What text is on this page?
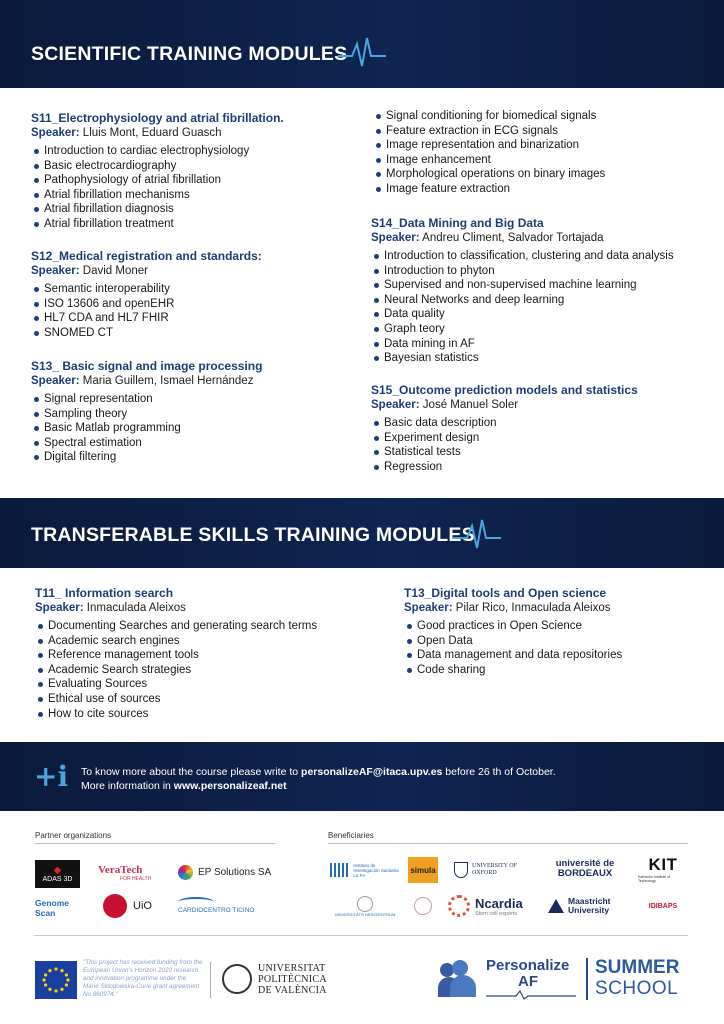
SCIENTIFIC TRAINING MODULES
S11_Electrophysiology and atrial fibrillation.
Speaker: Lluis Mont, Eduard Guasch
Introduction to cardiac electrophysiology
Basic electrocardiography
Pathophysiology of atrial fibrillation
Atrial fibrillation mechanisms
Atrial fibrillation diagnosis
Atrial fibrillation treatment
S12_Medical registration and standards:
Speaker: David Moner
Semantic interoperability
ISO 13606 and openEHR
HL7 CDA and HL7 FHIR
SNOMED CT
S13_ Basic signal and image processing
Speaker: Maria Guillem, Ismael Hernández
Signal representation
Sampling theory
Basic Matlab programming
Spectral estimation
Digital filtering
Signal conditioning for biomedical signals
Feature extraction in ECG signals
Image representation and binarization
Image enhancement
Morphological operations on binary images
Image feature extraction
S14_Data Mining and Big Data
Speaker: Andreu Climent, Salvador Tortajada
Introduction to classification, clustering and data analysis
Introduction to phyton
Supervised and non-supervised machine learning
Neural Networks and deep learning
Data quality
Graph teory
Data mining in AF
Bayesian statistics
S15_Outcome prediction models and statistics
Speaker: José Manuel Soler
Basic data description
Experiment design
Statistical tests
Regression
TRANSFERABLE SKILLS TRAINING MODULES
T11_ Information search
Speaker: Inmaculada Aleixos
Documenting Searches and generating search terms
Academic search engines
Reference management tools
Academic Search strategies
Evaluating Sources
Ethical use of sources
How to cite sources
T13_Digital tools and Open science
Speaker: Pilar Rico, Inmaculada Aleixos
Good practices in Open Science
Open Data
Data management and data repositories
Code sharing
+i To know more about the course please write to personalizeAF@itaca.upv.es before 26 th of October.
More information in www.personalizeaf.net
Partner organizations
◆
ADAS 3D
VeraTech
FOR HEALTH
EP Solutions SA
Genome Scan
UiO	CARDIOCENTRO TICINO
Beneficiaries
Instituto de Investigación Sanitaria La Fe
simula	UNIVERSITY OF OXFORD
université de BORDEAUX	KIT
Karlsruhe Institute of Technology
UNIVERSITÄTS HERZZENTRUM
Ncardia
Stem cell experts
Maastricht University	IDIBAPS
"This project has received funding from the European Union's Horizon 2020 research and innovation programme under the Marie Sklodowska-Curie grant agreement No 860974."
UNIVERSITAT
POLITÈCNICA
DE VALÈNCIA
Personalize
AF
SUMMER
SCHOOL
